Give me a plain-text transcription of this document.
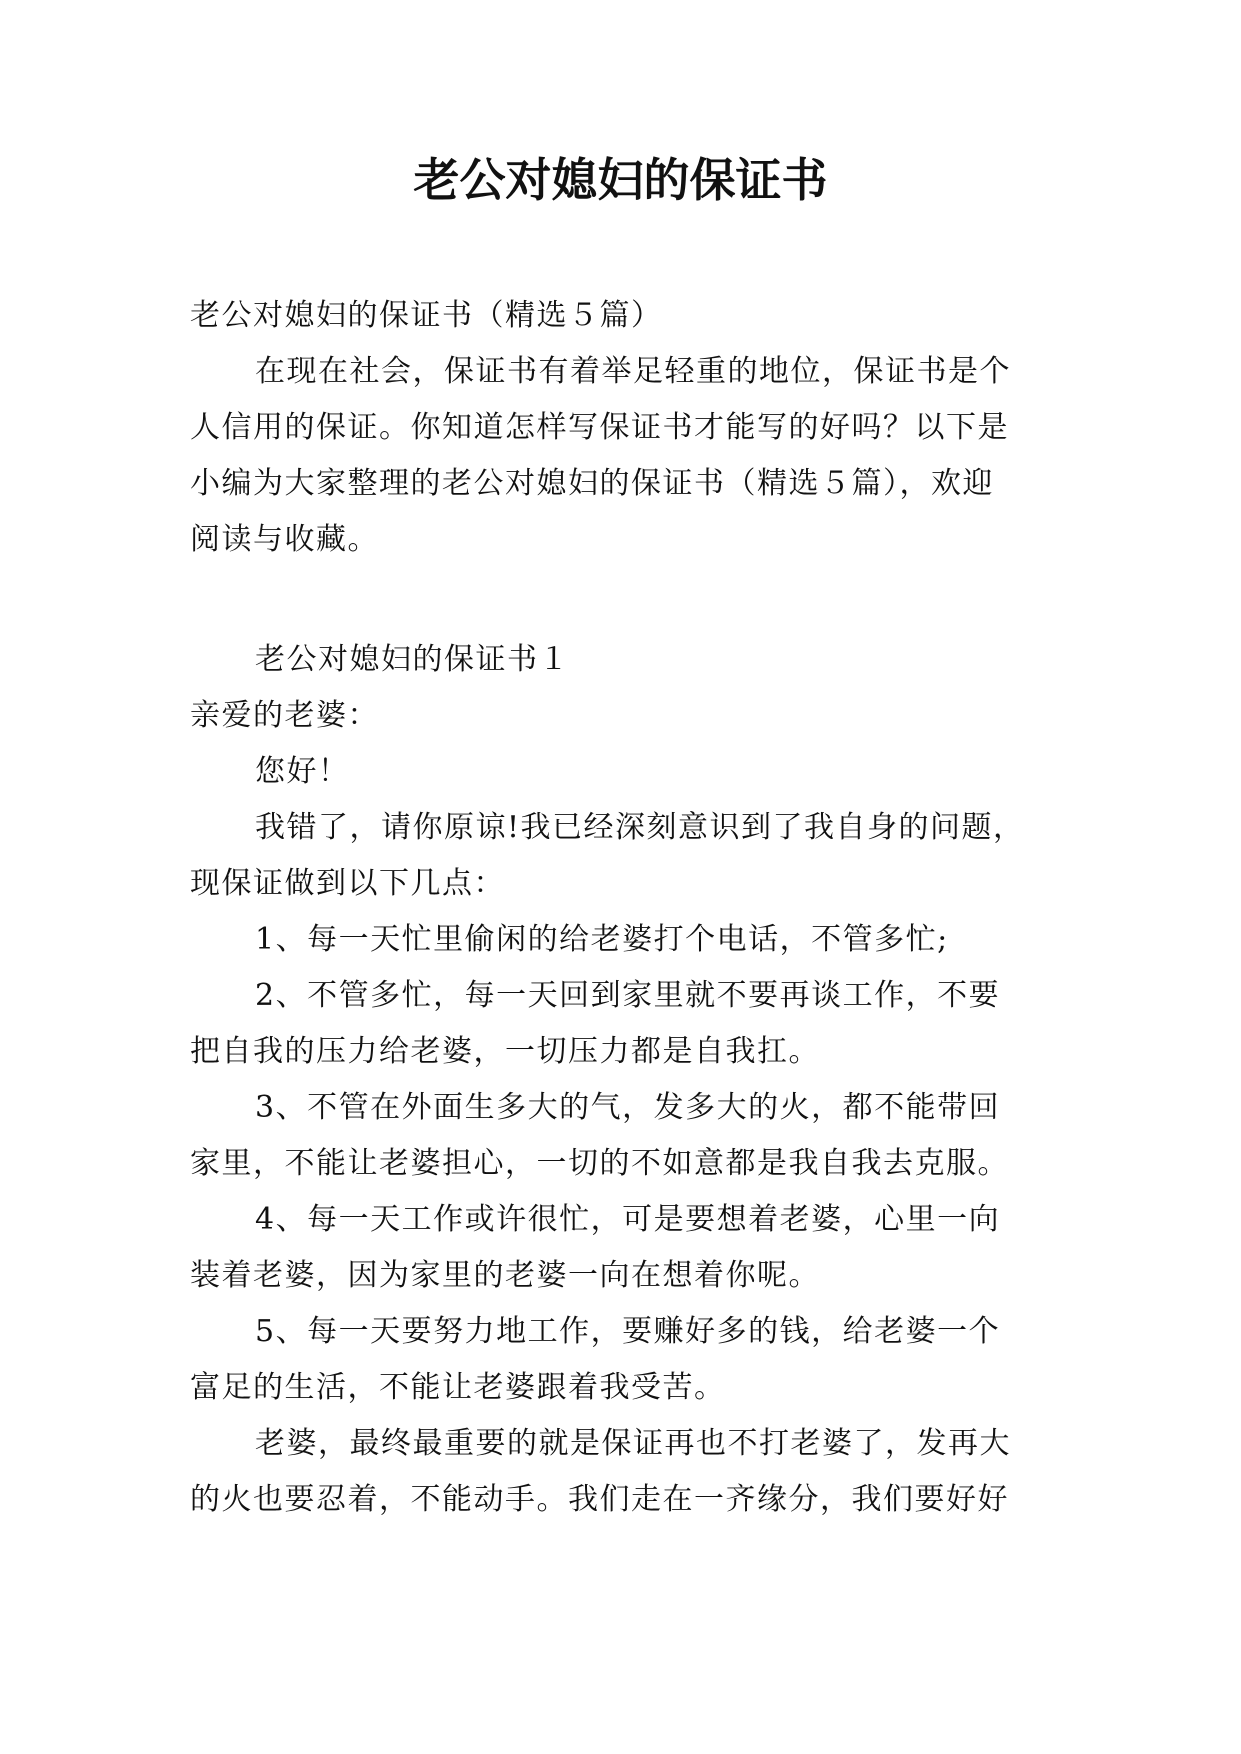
老公对媳妇的保证书
老公对媳妇的保证书（精选５篇）
在现在社会，保证书有着举足轻重的地位，保证书是个
人信用的保证。你知道怎样写保证书才能写的好吗？以下是
小编为大家整理的老公对媳妇的保证书（精选５篇），欢迎
阅读与收藏。
老公对媳妇的保证书１
亲爱的老婆：
您好！
我错了，请你原谅!我已经深刻意识到了我自身的问题，
现保证做到以下几点：
1、每一天忙里偷闲的给老婆打个电话，不管多忙;
2、不管多忙，每一天回到家里就不要再谈工作，不要
把自我的压力给老婆，一切压力都是自我扛。
3、不管在外面生多大的气，发多大的火，都不能带回
家里，不能让老婆担心，一切的不如意都是我自我去克服。
4、每一天工作或许很忙，可是要想着老婆，心里一向
装着老婆，因为家里的老婆一向在想着你呢。
5、每一天要努力地工作，要赚好多的钱，给老婆一个
富足的生活，不能让老婆跟着我受苦。
老婆，最终最重要的就是保证再也不打老婆了，发再大
的火也要忍着，不能动手。我们走在一齐缘分，我们要好好
